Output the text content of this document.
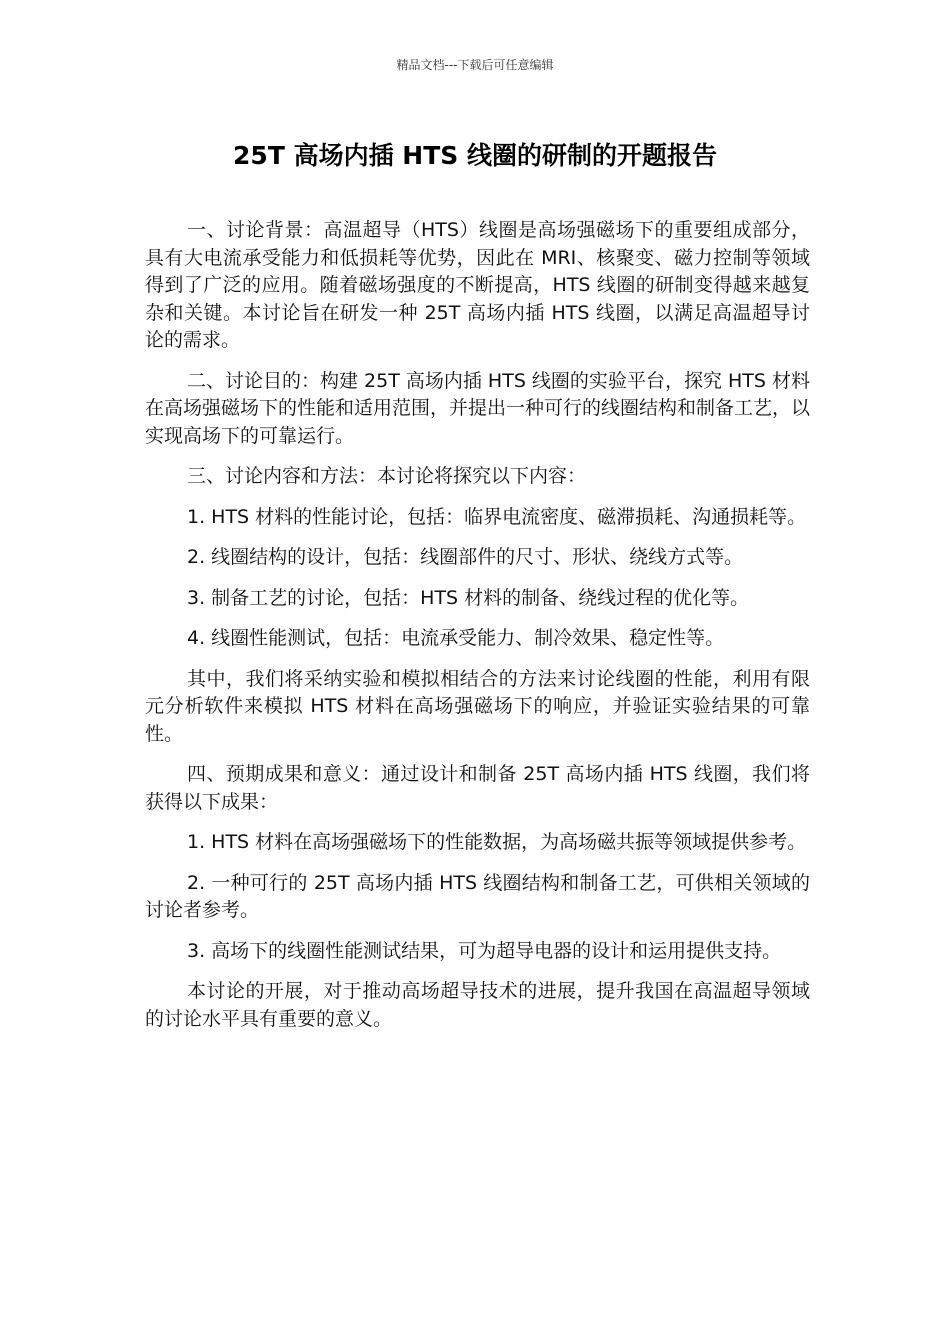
精品文档---下载后可任意编辑
25T 高场内插 HTS 线圈的研制的开题报告

一、讨论背景：高温超导（HTS）线圈是高场强磁场下的重要组成部分，具有大电流承受能力和低损耗等优势，因此在 MRI、核聚变、磁力控制等领域得到了广泛的应用。随着磁场强度的不断提高，HTS 线圈的研制变得越来越复杂和关键。本讨论旨在研发一种 25T 高场内插 HTS 线圈，以满足高温超导讨论的需求。

二、讨论目的：构建 25T 高场内插 HTS 线圈的实验平台，探究 HTS 材料在高场强磁场下的性能和适用范围，并提出一种可行的线圈结构和制备工艺，以实现高场下的可靠运行。

三、讨论内容和方法：本讨论将探究以下内容：

1. HTS 材料的性能讨论，包括：临界电流密度、磁滞损耗、沟通损耗等。

2. 线圈结构的设计，包括：线圈部件的尺寸、形状、绕线方式等。

3. 制备工艺的讨论，包括：HTS 材料的制备、绕线过程的优化等。

4. 线圈性能测试，包括：电流承受能力、制冷效果、稳定性等。

其中，我们将采纳实验和模拟相结合的方法来讨论线圈的性能，利用有限元分析软件来模拟 HTS 材料在高场强磁场下的响应，并验证实验结果的可靠性。

四、预期成果和意义：通过设计和制备 25T 高场内插 HTS 线圈，我们将获得以下成果：

1. HTS 材料在高场强磁场下的性能数据，为高场磁共振等领域提供参考。

2. 一种可行的 25T 高场内插 HTS 线圈结构和制备工艺，可供相关领域的讨论者参考。

3. 高场下的线圈性能测试结果，可为超导电器的设计和运用提供支持。

本讨论的开展，对于推动高场超导技术的进展，提升我国在高温超导领域的讨论水平具有重要的意义。
